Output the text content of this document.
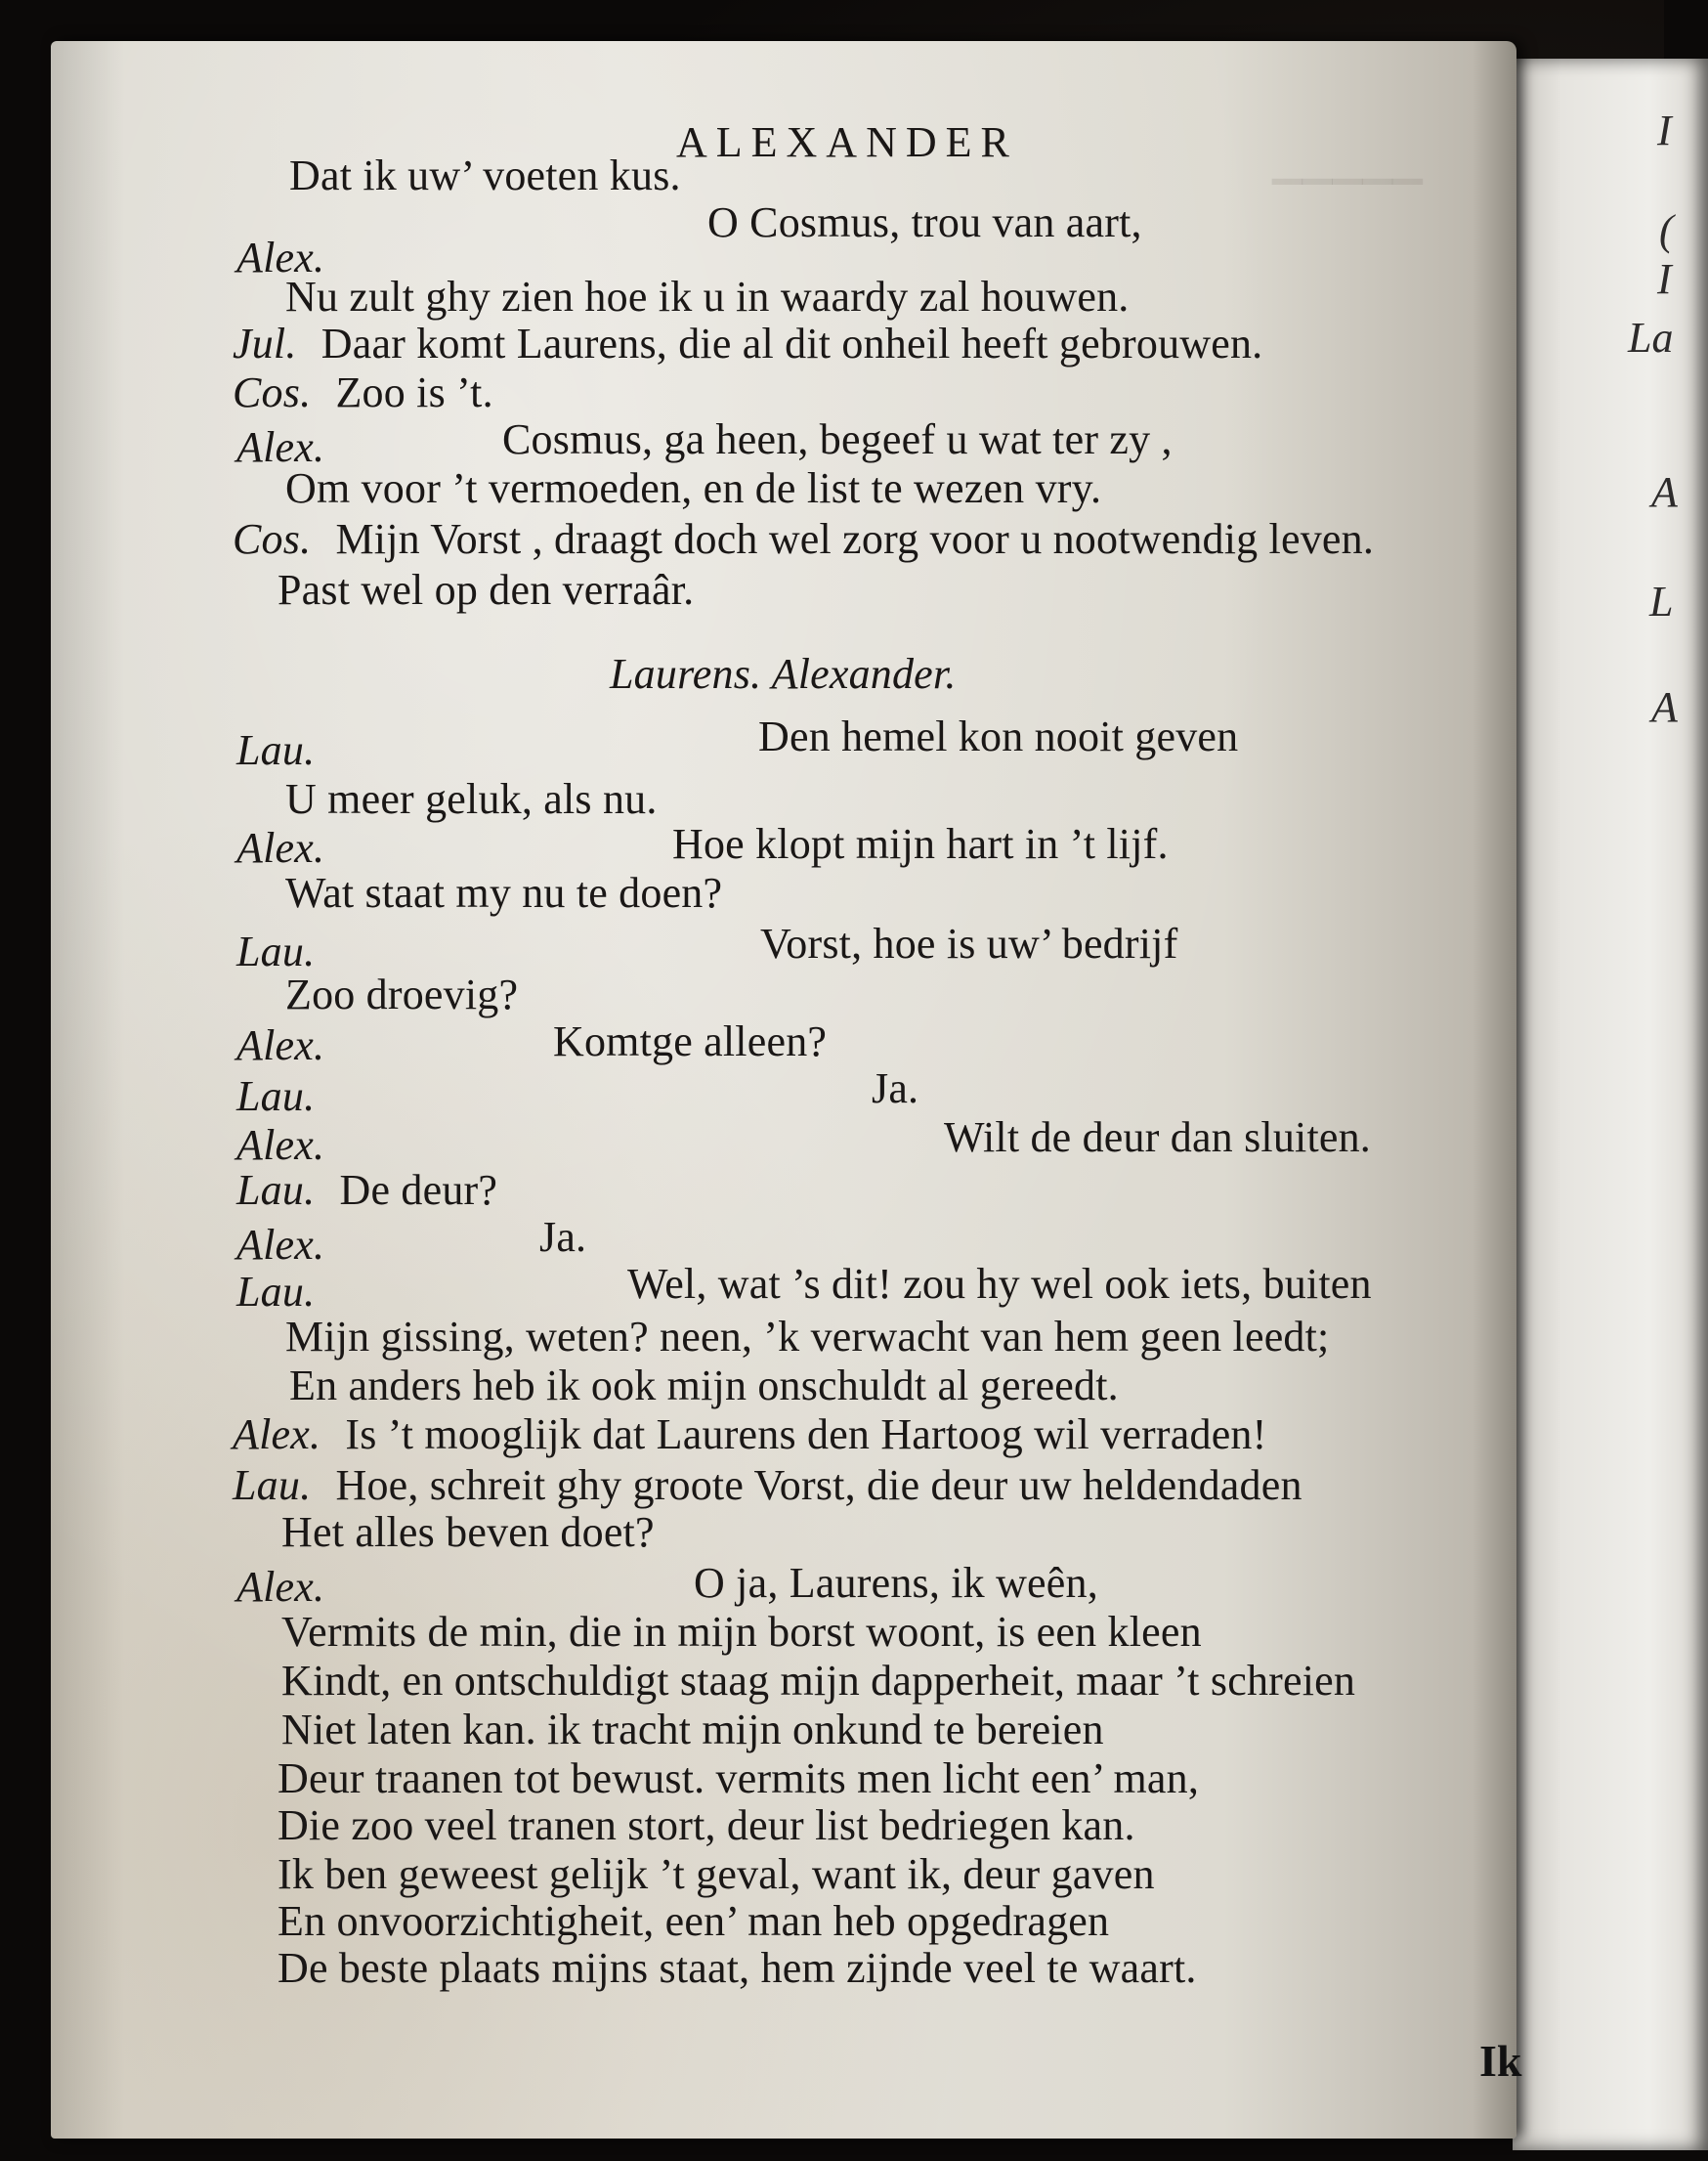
I
(
I
La
A
L
A
▁▁▁▁▁
ALEXANDER
Dat ik uw’ voeten kus.
O Cosmus, trou van aart,
Alex.
Nu zult ghy zien hoe ik u in waardy zal houwen.
Jul. Daar komt Laurens, die al dit onheil heeft gebrouwen.
Cos. Zoo is ’t.
Alex.	Cosmus, ga heen, begeef u wat ter zy ,
Om voor ’t vermoeden, en de list te wezen vry.
Cos. Mijn Vorst , draagt doch wel zorg voor u nootwendig leven.
Past wel op den verraâr.
Laurens. Alexander.
Lau.	Den hemel kon nooit geven
U meer geluk, als nu.
Alex.	Hoe klopt mijn hart in ’t lijf.
Wat staat my nu te doen?
Lau.	Vorst, hoe is uw’ bedrijf
Zoo droevig?
Alex.	Komtge alleen?
Lau.	Ja.
Alex.	Wilt de deur dan sluiten.
Lau. De deur?
Alex.	Ja.
Lau.	Wel, wat ’s dit! zou hy wel ook iets, buiten
Mijn gissing, weten? neen, ’k verwacht van hem geen leedt;
En anders heb ik ook mijn onschuldt al gereedt.
Alex. Is ’t mooglijk dat Laurens den Hartoog wil verraden!
Lau. Hoe, schreit ghy groote Vorst, die deur uw heldendaden
Het alles beven doet?
Alex.	O ja, Laurens, ik weên,
Vermits de min, die in mijn borst woont, is een kleen
Kindt, en ontschuldigt staag mijn dapperheit, maar ’t schreien
Niet laten kan. ik tracht mijn onkund te bereien
Deur traanen tot bewust. vermits men licht een’ man,
Die zoo veel tranen stort, deur list bedriegen kan.
Ik ben geweest gelijk ’t geval, want ik, deur gaven
En onvoorzichtigheit, een’ man heb opgedragen
De beste plaats mijns staat, hem zijnde veel te waart.
Ik
